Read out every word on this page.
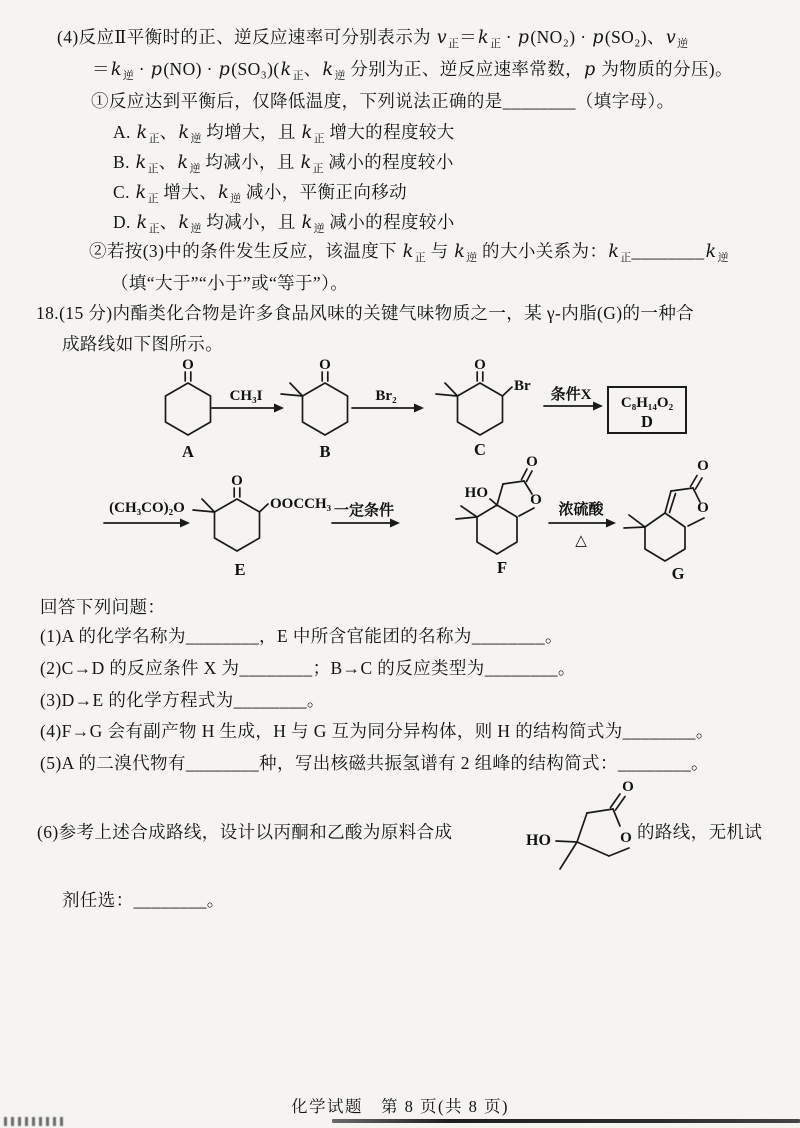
(4)反应Ⅱ平衡时的正、逆反应速率可分别表示为 $v_正=k_正 \cdot p(NO_2) \cdot p(SO_2)$、$v_逆$
$=k_逆 \cdot p(NO) \cdot p(SO_3)(k_正$、$k_逆$ 分别为正、逆反应速率常数，p 为物质的分压)。
①反应达到平衡后，仅降低温度，下列说法正确的是________（填字母）。
A. $k_正$、$k_逆$ 均增大，且 $k_正$ 增大的程度较大
B. $k_正$、$k_逆$ 均减小，且 $k_正$ 减小的程度较小
C. $k_正$ 增大、$k_逆$ 减小，平衡正向移动
D. $k_正$、$k_逆$ 均减小，且 $k_逆$ 减小的程度较小
②若按(3)中的条件发生反应，该温度下 $k_正$ 与 $k_逆$ 的大小关系为：$k_正\_\_\_\_\_\_\_\_k_逆$
（填“大于”“小于”或“等于”）。
18.(15 分)内酯类化合物是许多食品风味的关键气味物质之一，某 γ-内脂(G)的一种合
成路线如下图所示。
O
A
CH₃I
O
B
Br₂
O
Br
C
条件X C₈H₁₄O₂
D
(CH₃CO)₂O
O
OOCCH₃
E
一定条件
HO	O
O
F
浓硫酸
△
O
O
G
回答下列问题：
(1)A 的化学名称为________，E 中所含官能团的名称为________。
(2)C→D 的反应条件 X 为________；B→C 的反应类型为________。
(3)D→E 的化学方程式为________。
(4)F→G 会有副产物 H 生成，H 与 G 互为同分异构体，则 H 的结构简式为________。
(5)A 的二溴代物有________种，写出核磁共振氢谱有 2 组峰的结构简式：________。
(6)参考上述合成路线，设计以丙酮和乙酸为原料合成	HO	O
O
的路线，无机试
剂任选：________。
化学试题　第 8 页(共 8 页)
